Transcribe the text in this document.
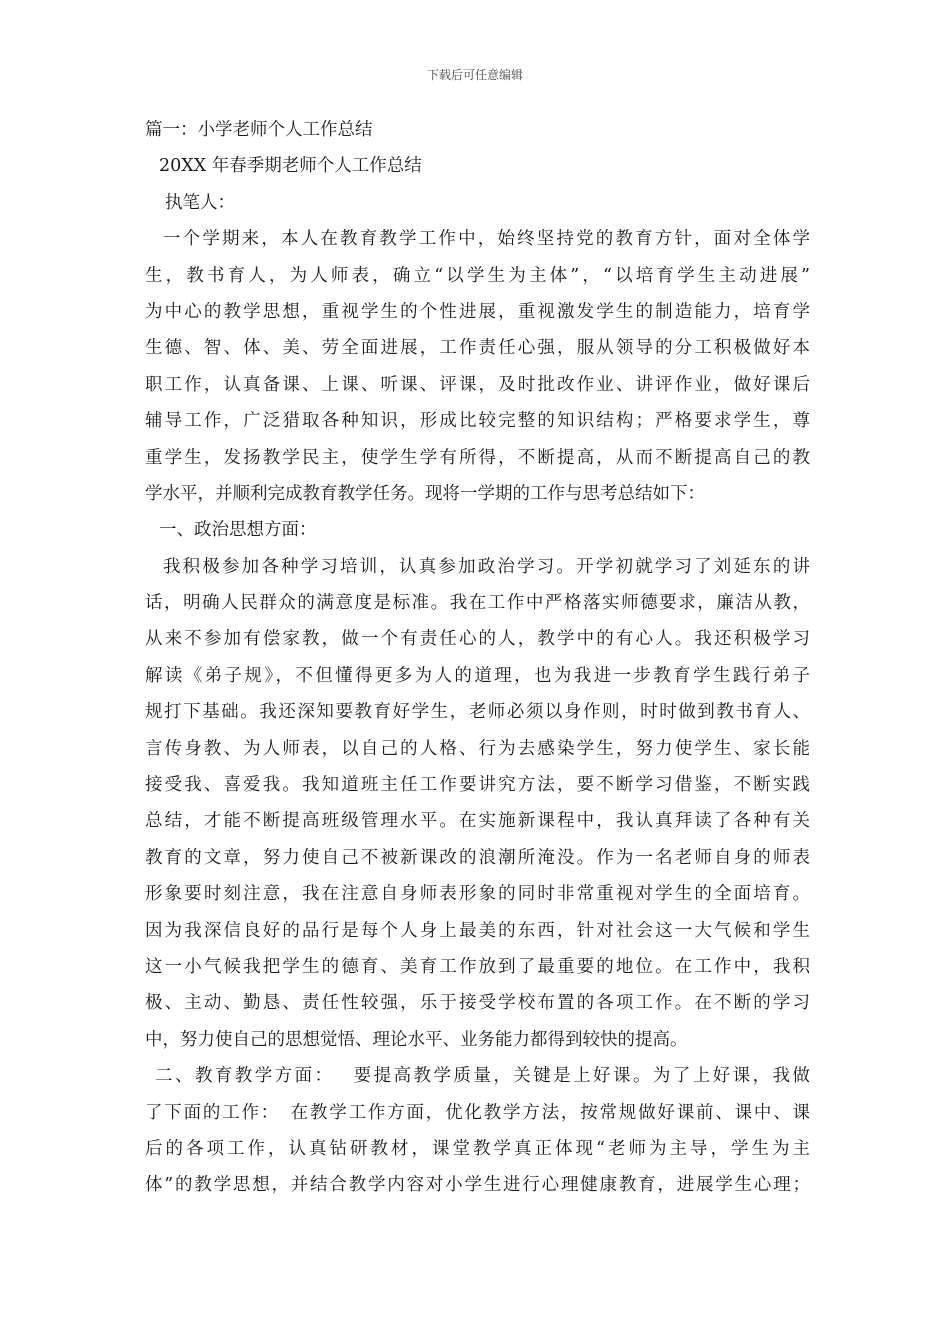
下载后可任意编辑
篇一：小学老师个人工作总结
20XX 年春季期老师个人工作总结
执笔人：
一个学期来，本人在教育教学工作中，始终坚持党的教育方针，面对全体学
生，教书育人，为人师表，确立“以学生为主体”，“以培育学生主动进展”
为中心的教学思想，重视学生的个性进展，重视激发学生的制造能力，培育学
生德、智、体、美、劳全面进展，工作责任心强，服从领导的分工积极做好本
职工作，认真备课、上课、听课、评课，及时批改作业、讲评作业，做好课后
辅导工作，广泛猎取各种知识，形成比较完整的知识结构；严格要求学生，尊
重学生，发扬教学民主，使学生学有所得，不断提高，从而不断提高自己的教
学水平，并顺利完成教育教学任务。现将一学期的工作与思考总结如下：
一、政治思想方面：
我积极参加各种学习培训，认真参加政治学习。开学初就学习了刘延东的讲
话，明确人民群众的满意度是标准。我在工作中严格落实师德要求，廉洁从教，
从来不参加有偿家教，做一个有责任心的人，教学中的有心人。我还积极学习
解读《弟子规》，不但懂得更多为人的道理，也为我进一步教育学生践行弟子
规打下基础。我还深知要教育好学生，老师必须以身作则，时时做到教书育人、
言传身教、为人师表，以自己的人格、行为去感染学生，努力使学生、家长能
接受我、喜爱我。我知道班主任工作要讲究方法，要不断学习借鉴，不断实践
总结，才能不断提高班级管理水平。在实施新课程中，我认真拜读了各种有关
教育的文章，努力使自己不被新课改的浪潮所淹没。作为一名老师自身的师表
形象要时刻注意，我在注意自身师表形象的同时非常重视对学生的全面培育。
因为我深信良好的品行是每个人身上最美的东西，针对社会这一大气候和学生
这一小气候我把学生的德育、美育工作放到了最重要的地位。在工作中，我积
极、主动、勤恳、责任性较强，乐于接受学校布置的各项工作。在不断的学习
中，努力使自己的思想觉悟、理论水平、业务能力都得到较快的提高。
二、教育教学方面：　 要提高教学质量，关键是上好课。为了上好课，我做
了下面的工作：　在教学工作方面，优化教学方法，按常规做好课前、课中、课
后的各项工作，认真钻研教材，课堂教学真正体现“老师为主导，学生为主
体”的教学思想，并结合教学内容对小学生进行心理健康教育，进展学生心理；
